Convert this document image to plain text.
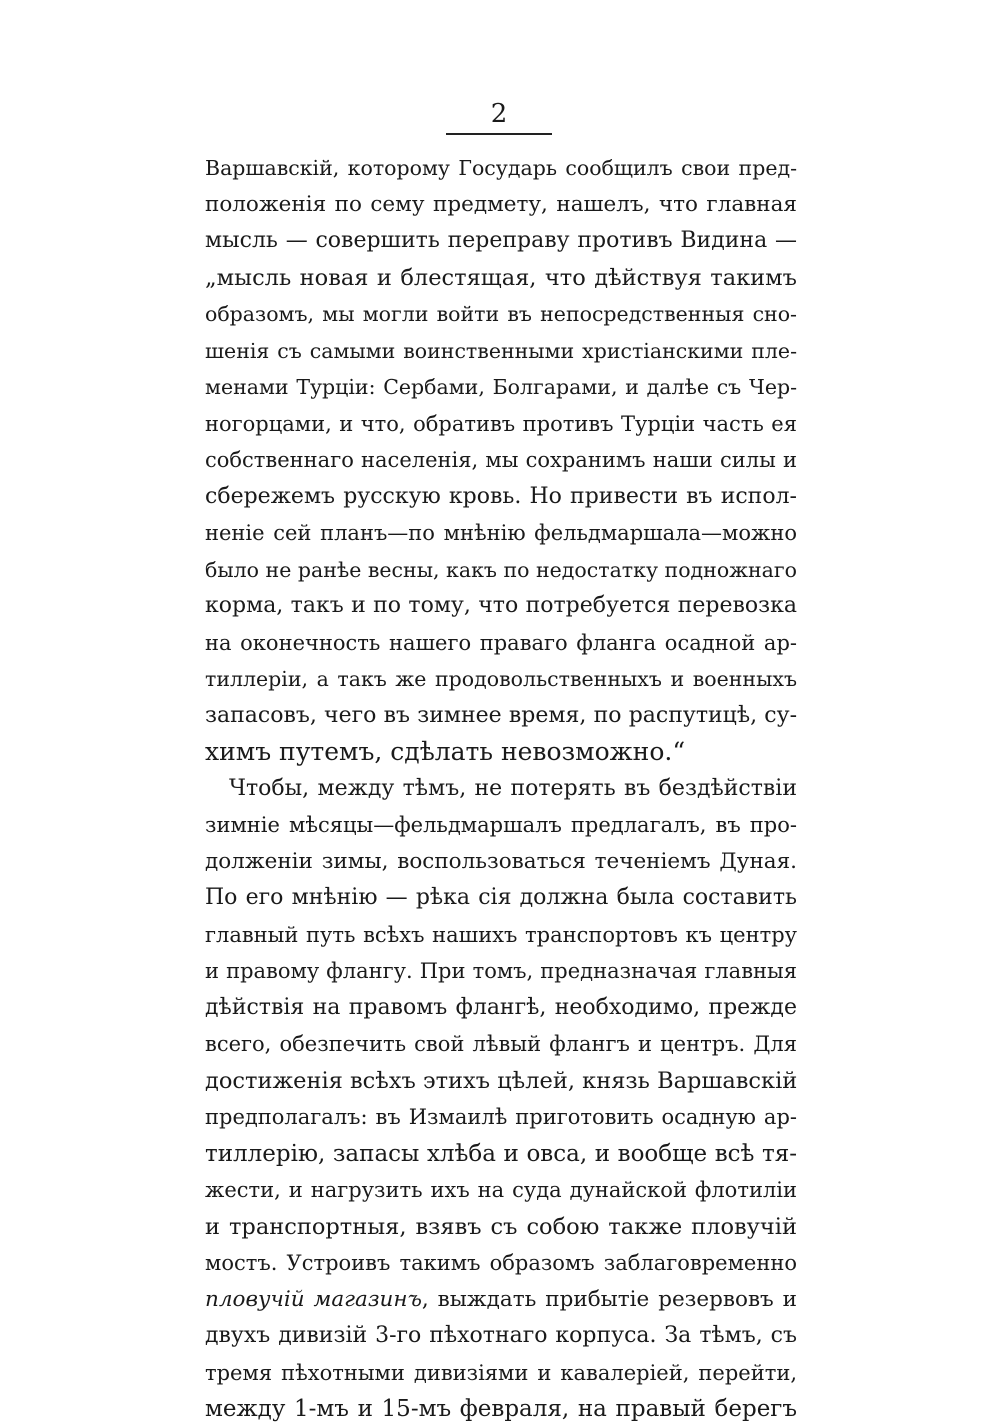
2
Варшавскій, которому Государь сообщилъ свои пред-
положенія по сему предмету, нашелъ, что главная
мысль — совершить переправу противъ Видина —
„мысль новая и блестящая, что дѣйствуя такимъ
образомъ, мы могли войти въ непосредственныя сно-
шенія съ самыми воинственными христіанскими пле-
менами Турціи: Сербами, Болгарами, и далѣе съ Чер-
ногорцами, и что, обративъ противъ Турціи часть ея
собственнаго населенія, мы сохранимъ наши силы и
сбережемъ русскую кровь. Но привести въ испол-
неніе сей планъ—по мнѣнію фельдмаршала—можно
было не ранѣе весны, какъ по недостатку подножнаго
корма, такъ и по тому, что потребуется перевозка
на оконечность нашего праваго фланга осадной ар-
тиллеріи, а такъ же продовольственныхъ и военныхъ
запасовъ, чего въ зимнее время, по распутицѣ, су-
химъ путемъ, сдѣлать невозможно.“
Чтобы, между тѣмъ, не потерять въ бездѣйствіи
зимніе мѣсяцы—фельдмаршалъ предлагалъ, въ про-
долженіи зимы, воспользоваться теченіемъ Дуная.
По его мнѣнію — рѣка сія должна была составить
главный путь всѣхъ нашихъ транспортовъ къ центру
и правому флангу. При томъ, предназначая главныя
дѣйствія на правомъ флангѣ, необходимо, прежде
всего, обезпечить свой лѣвый флангъ и центръ. Для
достиженія всѣхъ этихъ цѣлей, князь Варшавскій
предполагалъ: въ Измаилѣ приготовить осадную ар-
тиллерію, запасы хлѣба и овса, и вообще всѣ тя-
жести, и нагрузить ихъ на суда дунайской флотиліи
и транспортныя, взявъ съ собою также пловучій
мостъ. Устроивъ такимъ образомъ заблаговременно
пловучій магазинъ, выждать прибытіе резервовъ и
двухъ дивизій 3-го пѣхотнаго корпуса. За тѣмъ, съ
тремя пѣхотными дивизіями и кавалеріей, перейти,
между 1-мъ и 15-мъ февраля, на правый берегъ
